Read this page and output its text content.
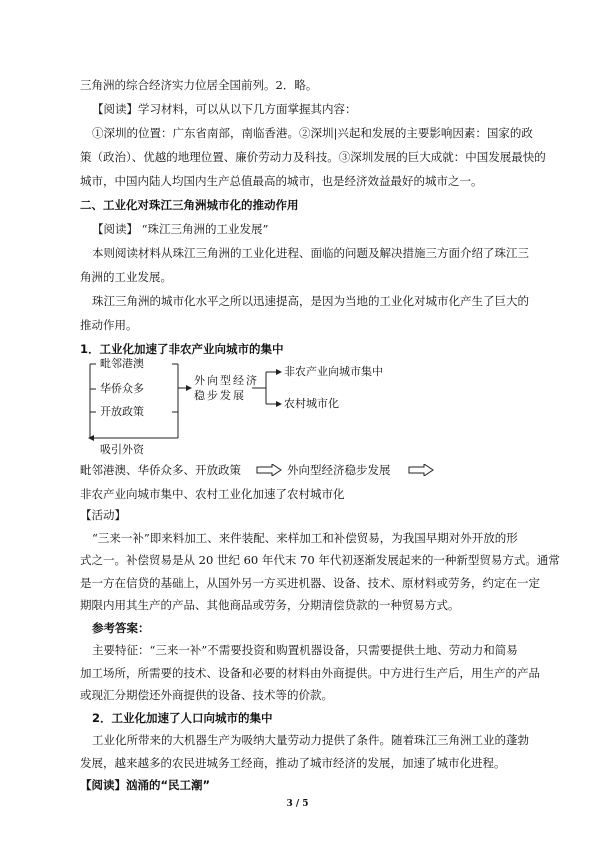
三角洲的综合经济实力位居全国前列。2．略。
【阅读】学习材料，可以从以下几方面掌握其内容：
①深圳的位置：广东省南部，南临香港。②深圳|兴起和发展的主要影响因素：国家的政
策（政治）、优越的地理位置、廉价劳动力及科技。③深圳发展的巨大成就：中国发展最快的
城市，中国内陆人均国内生产总值最高的城市，也是经济效益最好的城市之一。
二、工业化对珠江三角洲城市化的推动作用
【阅读】 “珠江三角洲的工业发展”
本则阅读材料从珠江三角洲的工业化进程、面临的问题及解决措施三方面介绍了珠江三
角洲的工业发展。
珠江三角洲的城市化水平之所以迅速提高，是因为当地的工业化对城市化产生了巨大的
推动作用。
1．工业化加速了非农产业向城市的集中
毗邻港澳
华侨众多
开放政策
吸引外资
外向型经济
稳步发展
非农产业向城市集中
农村城市化
毗邻港澳、华侨众多、开放政策	外向型经济稳步发展
非农产业向城市集中、农村工业化加速了农村城市化
【活动】
“三来一补”即来料加工、来件装配、来样加工和补偿贸易，为我国早期对外开放的形
式之一。补偿贸易是从 20 世纪 60 年代末 70 年代初逐渐发展起来的一种新型贸易方式。通常
是一方在信贷的基础上，从国外另一方买进机器、设备、技术、原材料或劳务，约定在一定
期限内用其生产的产品、其他商品或劳务，分期清偿贷款的一种贸易方式。
参考答案：
主要特征：“三来一补”不需要投资和购置机器设备，只需要提供土地、劳动力和简易
加工场所，所需要的技术、设备和必要的材料由外商提供。中方进行生产后，用生产的产品
或现汇分期偿还外商提供的设备、技术等的价款。
2．工业化加速了人口向城市的集中
工业化所带来的大机器生产为吸纳大量劳动力提供了条件。随着珠江三角洲工业的蓬勃
发展，越来越多的农民进城务工经商，推动了城市经济的发展，加速了城市化进程。
【阅读】汹涌的“民工潮”
3 / 5
